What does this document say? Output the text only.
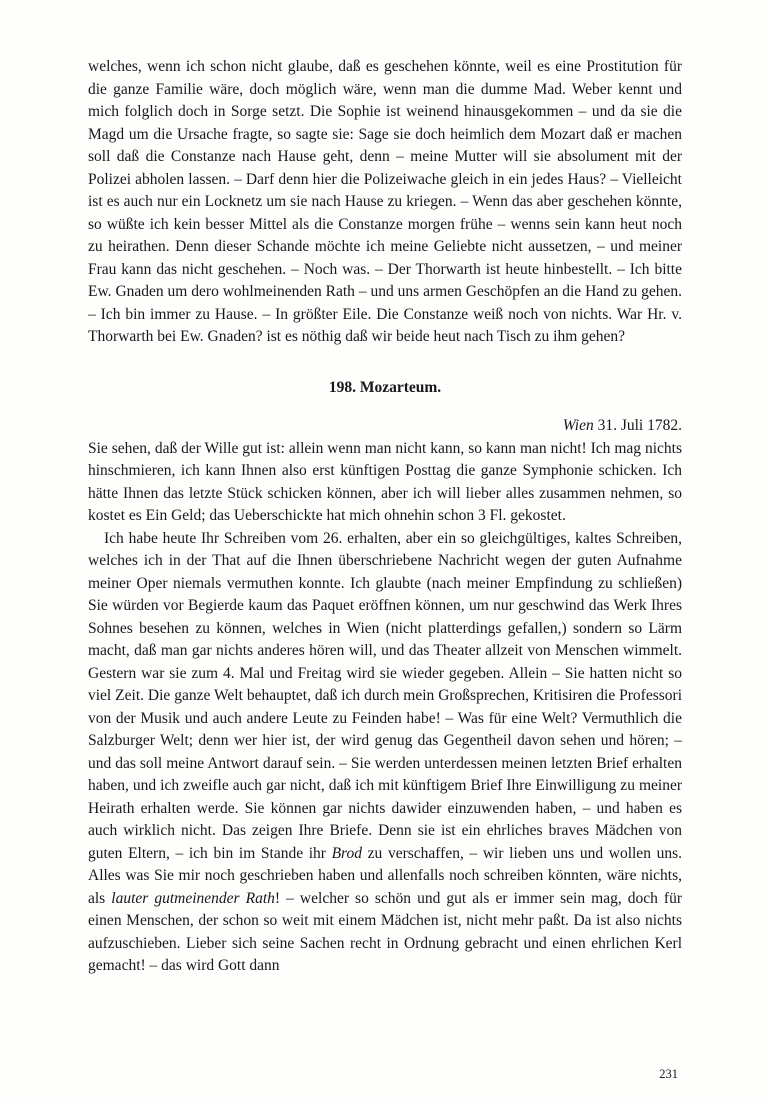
welches, wenn ich schon nicht glaube, daß es geschehen könnte, weil es eine Prostitution für die ganze Familie wäre, doch möglich wäre, wenn man die dumme Mad. Weber kennt und mich folglich doch in Sorge setzt. Die Sophie ist weinend hinausgekommen – und da sie die Magd um die Ursache fragte, so sagte sie: Sage sie doch heimlich dem Mozart daß er machen soll daß die Constanze nach Hause geht, denn – meine Mutter will sie absolument mit der Polizei abholen lassen. – Darf denn hier die Polizeiwache gleich in ein jedes Haus? – Vielleicht ist es auch nur ein Locknetz um sie nach Hause zu kriegen. – Wenn das aber geschehen könnte, so wüßte ich kein besser Mittel als die Constanze morgen frühe – wenns sein kann heut noch zu heirathen. Denn dieser Schande möchte ich meine Geliebte nicht aussetzen, – und meiner Frau kann das nicht geschehen. – Noch was. – Der Thorwarth ist heute hinbestellt. – Ich bitte Ew. Gnaden um dero wohlmeinenden Rath – und uns armen Geschöpfen an die Hand zu gehen. – Ich bin immer zu Hause. – In größter Eile. Die Constanze weiß noch von nichts. War Hr. v. Thorwarth bei Ew. Gnaden? ist es nöthig daß wir beide heut nach Tisch zu ihm gehen?

198. Mozarteum.

Wien 31. Juli 1782.

Sie sehen, daß der Wille gut ist: allein wenn man nicht kann, so kann man nicht! Ich mag nichts hinschmieren, ich kann Ihnen also erst künftigen Posttag die ganze Symphonie schicken. Ich hätte Ihnen das letzte Stück schicken können, aber ich will lieber alles zusammen nehmen, so kostet es Ein Geld; das Ueberschickte hat mich ohnehin schon 3 Fl. gekostet.

Ich habe heute Ihr Schreiben vom 26. erhalten, aber ein so gleichgültiges, kaltes Schreiben, welches ich in der That auf die Ihnen überschriebene Nachricht wegen der guten Aufnahme meiner Oper niemals vermuthen konnte. Ich glaubte (nach meiner Empfindung zu schließen) Sie würden vor Begierde kaum das Paquet eröffnen können, um nur geschwind das Werk Ihres Sohnes besehen zu können, welches in Wien (nicht platterdings gefallen,) sondern so Lärm macht, daß man gar nichts anderes hören will, und das Theater allzeit von Menschen wimmelt. Gestern war sie zum 4. Mal und Freitag wird sie wieder gegeben. Allein – Sie hatten nicht so viel Zeit. Die ganze Welt behauptet, daß ich durch mein Großsprechen, Kritisiren die Professori von der Musik und auch andere Leute zu Feinden habe! – Was für eine Welt? Vermuthlich die Salzburger Welt; denn wer hier ist, der wird genug das Gegentheil davon sehen und hören; – und das soll meine Antwort darauf sein. – Sie werden unterdessen meinen letzten Brief erhalten haben, und ich zweifle auch gar nicht, daß ich mit künftigem Brief Ihre Einwilligung zu meiner Heirath erhalten werde. Sie können gar nichts dawider einzuwenden haben, – und haben es auch wirklich nicht. Das zeigen Ihre Briefe. Denn sie ist ein ehrliches braves Mädchen von guten Eltern, – ich bin im Stande ihr Brod zu verschaffen, – wir lieben uns und wollen uns. Alles was Sie mir noch geschrieben haben und allenfalls noch schreiben könnten, wäre nichts, als lauter gutmeinender Rath! – welcher so schön und gut als er immer sein mag, doch für einen Menschen, der schon so weit mit einem Mädchen ist, nicht mehr paßt. Da ist also nichts aufzuschieben. Lieber sich seine Sachen recht in Ordnung gebracht und einen ehrlichen Kerl gemacht! – das wird Gott dann

231
